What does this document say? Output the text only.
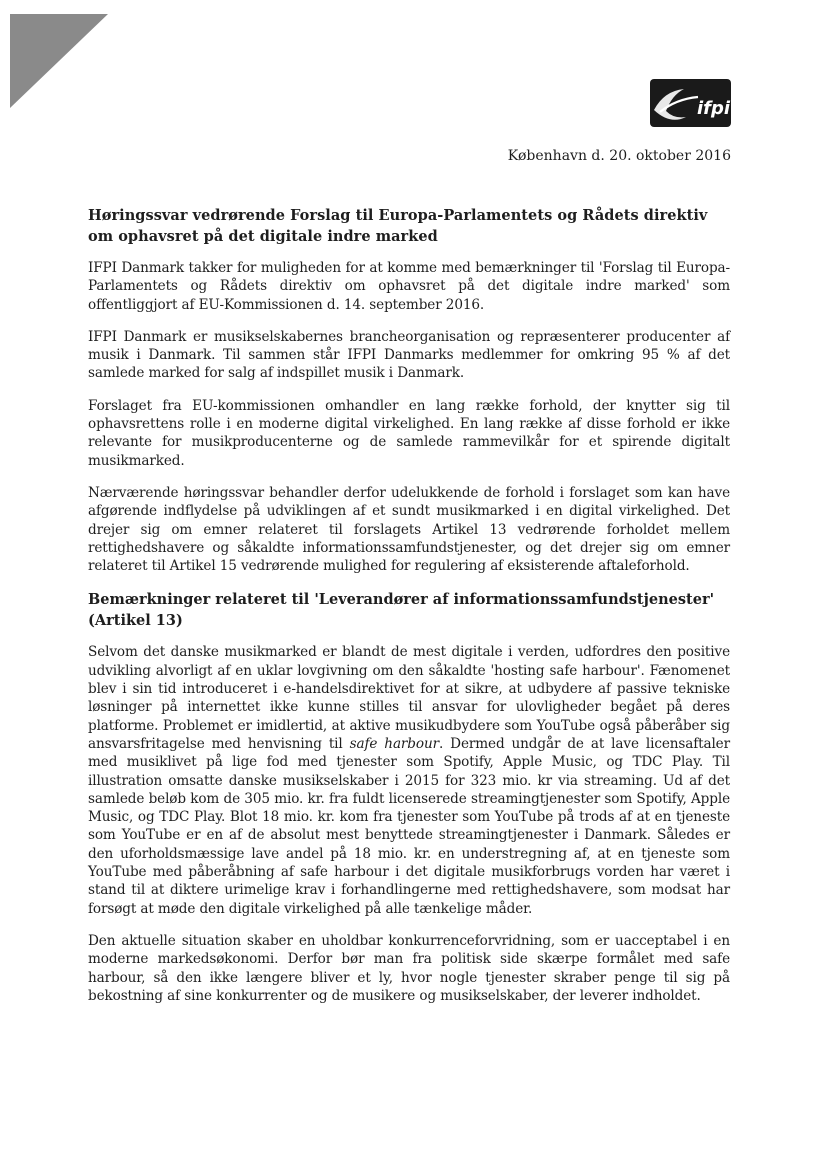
ifpi
København d. 20. oktober 2016
Høringssvar vedrørende Forslag til Europa-Parlamentets og Rådets direktiv om ophavsret på det digitale indre marked

IFPI Danmark takker for muligheden for at komme med bemærkninger til 'Forslag til Europa-Parlamentets og Rådets direktiv om ophavsret på det digitale indre marked' som offentliggjort af EU-Kommissionen d. 14. september 2016.

IFPI Danmark er musikselskabernes brancheorganisation og repræsenterer producenter af musik i Danmark. Til sammen står IFPI Danmarks medlemmer for omkring 95 % af det samlede marked for salg af indspillet musik i Danmark.

Forslaget fra EU-kommissionen omhandler en lang række forhold, der knytter sig til ophavsrettens rolle i en moderne digital virkelighed. En lang række af disse forhold er ikke relevante for musikproducenterne og de samlede rammevilkår for et spirende digitalt musikmarked.

Nærværende høringssvar behandler derfor udelukkende de forhold i forslaget som kan have afgørende indflydelse på udviklingen af et sundt musikmarked i en digital virkelighed. Det drejer sig om emner relateret til forslagets Artikel 13 vedrørende forholdet mellem rettighedshavere og såkaldte informationssamfundstjenester, og det drejer sig om emner relateret til Artikel 15 vedrørende mulighed for regulering af eksisterende aftaleforhold.

Bemærkninger relateret til 'Leverandører af informationssamfundstjenester' (Artikel 13)

Selvom det danske musikmarked er blandt de mest digitale i verden, udfordres den positive udvikling alvorligt af en uklar lovgivning om den såkaldte 'hosting safe harbour'. Fænomenet blev i sin tid introduceret i e-handelsdirektivet for at sikre, at udbydere af passive tekniske løsninger på internettet ikke kunne stilles til ansvar for ulovligheder begået på deres platforme. Problemet er imidlertid, at aktive musikudbydere som YouTube også påberåber sig ansvarsfritagelse med henvisning til safe harbour. Dermed undgår de at lave licensaftaler med musiklivet på lige fod med tjenester som Spotify, Apple Music, og TDC Play. Til illustration omsatte danske musikselskaber i 2015 for 323 mio. kr via streaming. Ud af det samlede beløb kom de 305 mio. kr. fra fuldt licenserede streamingtjenester som Spotify, Apple Music, og TDC Play. Blot 18 mio. kr. kom fra tjenester som YouTube på trods af at en tjeneste som YouTube er en af de absolut mest benyttede streamingtjenester i Danmark. Således er den uforholdsmæssige lave andel på 18 mio. kr. en understregning af, at en tjeneste som YouTube med påberåbning af safe harbour i det digitale musikforbrugs vorden har været i stand til at diktere urimelige krav i forhandlingerne med rettighedshavere, som modsat har forsøgt at møde den digitale virkelighed på alle tænkelige måder.

Den aktuelle situation skaber en uholdbar konkurrenceforvridning, som er uacceptabel i en moderne markedsøkonomi. Derfor bør man fra politisk side skærpe formålet med safe harbour, så den ikke længere bliver et ly, hvor nogle tjenester skraber penge til sig på bekostning af sine konkurrenter og de musikere og musikselskaber, der leverer indholdet.
